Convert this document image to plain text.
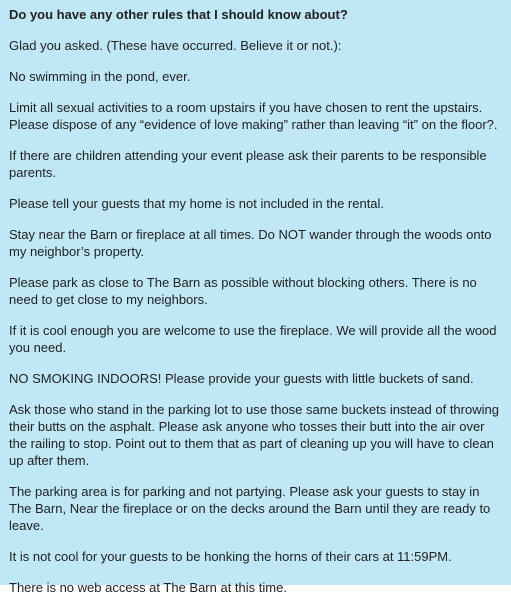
Do you have any other rules that I should know about?
Glad you asked. (These have occurred. Believe it or not.):
No swimming in the pond, ever.
Limit all sexual activities to a room upstairs if you have chosen to rent the upstairs. Please dispose of any “evidence of love making” rather than leaving “it” on the floor?.
If there are children attending your event please ask their parents to be responsible parents.
Please tell your guests that my home is not included in the rental.
Stay near the Barn or fireplace at all times. Do NOT wander through the woods onto my neighbor’s property.
Please park as close to The Barn as possible without blocking others. There is no need to get close to my neighbors.
If it is cool enough you are welcome to use the fireplace. We will provide all the wood you need.
NO SMOKING INDOORS! Please provide your guests with little buckets of sand.
Ask those who stand in the parking lot to use those same buckets instead of throwing their butts on the asphalt. Please ask anyone who tosses their butt into the air over the railing to stop. Point out to them that as part of cleaning up you will have to clean up after them.
The parking area is for parking and not partying. Please ask your guests to stay in The Barn, Near the fireplace or on the decks around the Barn until they are ready to leave.
It is not cool for your guests to be honking the horns of their cars at 11:59PM.
There is no web access at The Barn at this time.
